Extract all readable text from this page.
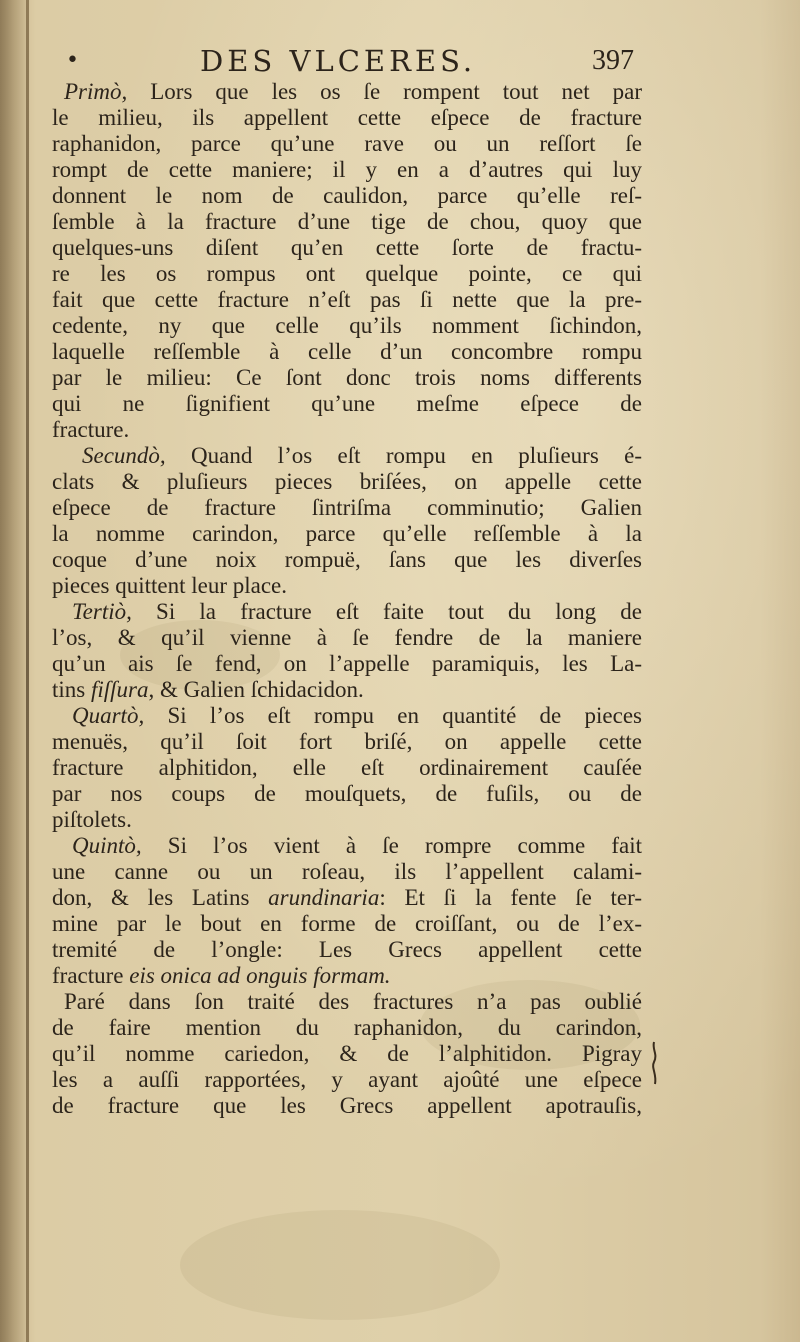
•	DES VLCERES.	397
Primò, Lors que les os ſe rompent tout net par
le milieu, ils appellent cette eſpece de fracture
raphanidon, parce qu’une rave ou un reſſort ſe
rompt de cette maniere; il y en a d’autres qui luy
donnent le nom de caulidon, parce qu’elle reſ-
ſemble à la fracture d’une tige de chou, quoy que
quelques-uns diſent qu’en cette ſorte de fractu-
re les os rompus ont quelque pointe, ce qui
fait que cette fracture n’eſt pas ſi nette que la pre-
cedente, ny que celle qu’ils nomment ſichindon,
laquelle reſſemble à celle d’un concombre rompu
par le milieu: Ce ſont donc trois noms differents
qui ne ſignifient qu’une meſme eſpece de
fracture.
Secundò, Quand l’os eſt rompu en pluſieurs é-
clats & pluſieurs pieces briſées, on appelle cette
eſpece de fracture ſintriſma comminutio; Galien
la nomme carindon, parce qu’elle reſſemble à la
coque d’une noix rompuë, ſans que les diverſes
pieces quittent leur place.
Tertiò, Si la fracture eſt faite tout du long de
l’os, & qu’il vienne à ſe fendre de la maniere
qu’un ais ſe fend, on l’appelle paramiquis, les La-
tins fiſſura, & Galien ſchidacidon.
Quartò, Si l’os eſt rompu en quantité de pieces
menuës, qu’il ſoit fort briſé, on appelle cette
fracture alphitidon, elle eſt ordinairement cauſée
par nos coups de mouſquets, de fuſils, ou de
piſtolets.
Quintò, Si l’os vient à ſe rompre comme fait
une canne ou un roſeau, ils l’appellent calami-
don, & les Latins arundinaria: Et ſi la fente ſe ter-
mine par le bout en forme de croiſſant, ou de l’ex-
tremité de l’ongle: Les Grecs appellent cette
fracture eis onica ad onguis formam.
Paré dans ſon traité des fractures n’a pas oublié
de faire mention du raphanidon, du carindon,
qu’il nomme cariedon, & de l’alphitidon. Pigray
les a auſſi rapportées, y ayant ajoûté une eſpece
de fracture que les Grecs appellent apotrauſis,
